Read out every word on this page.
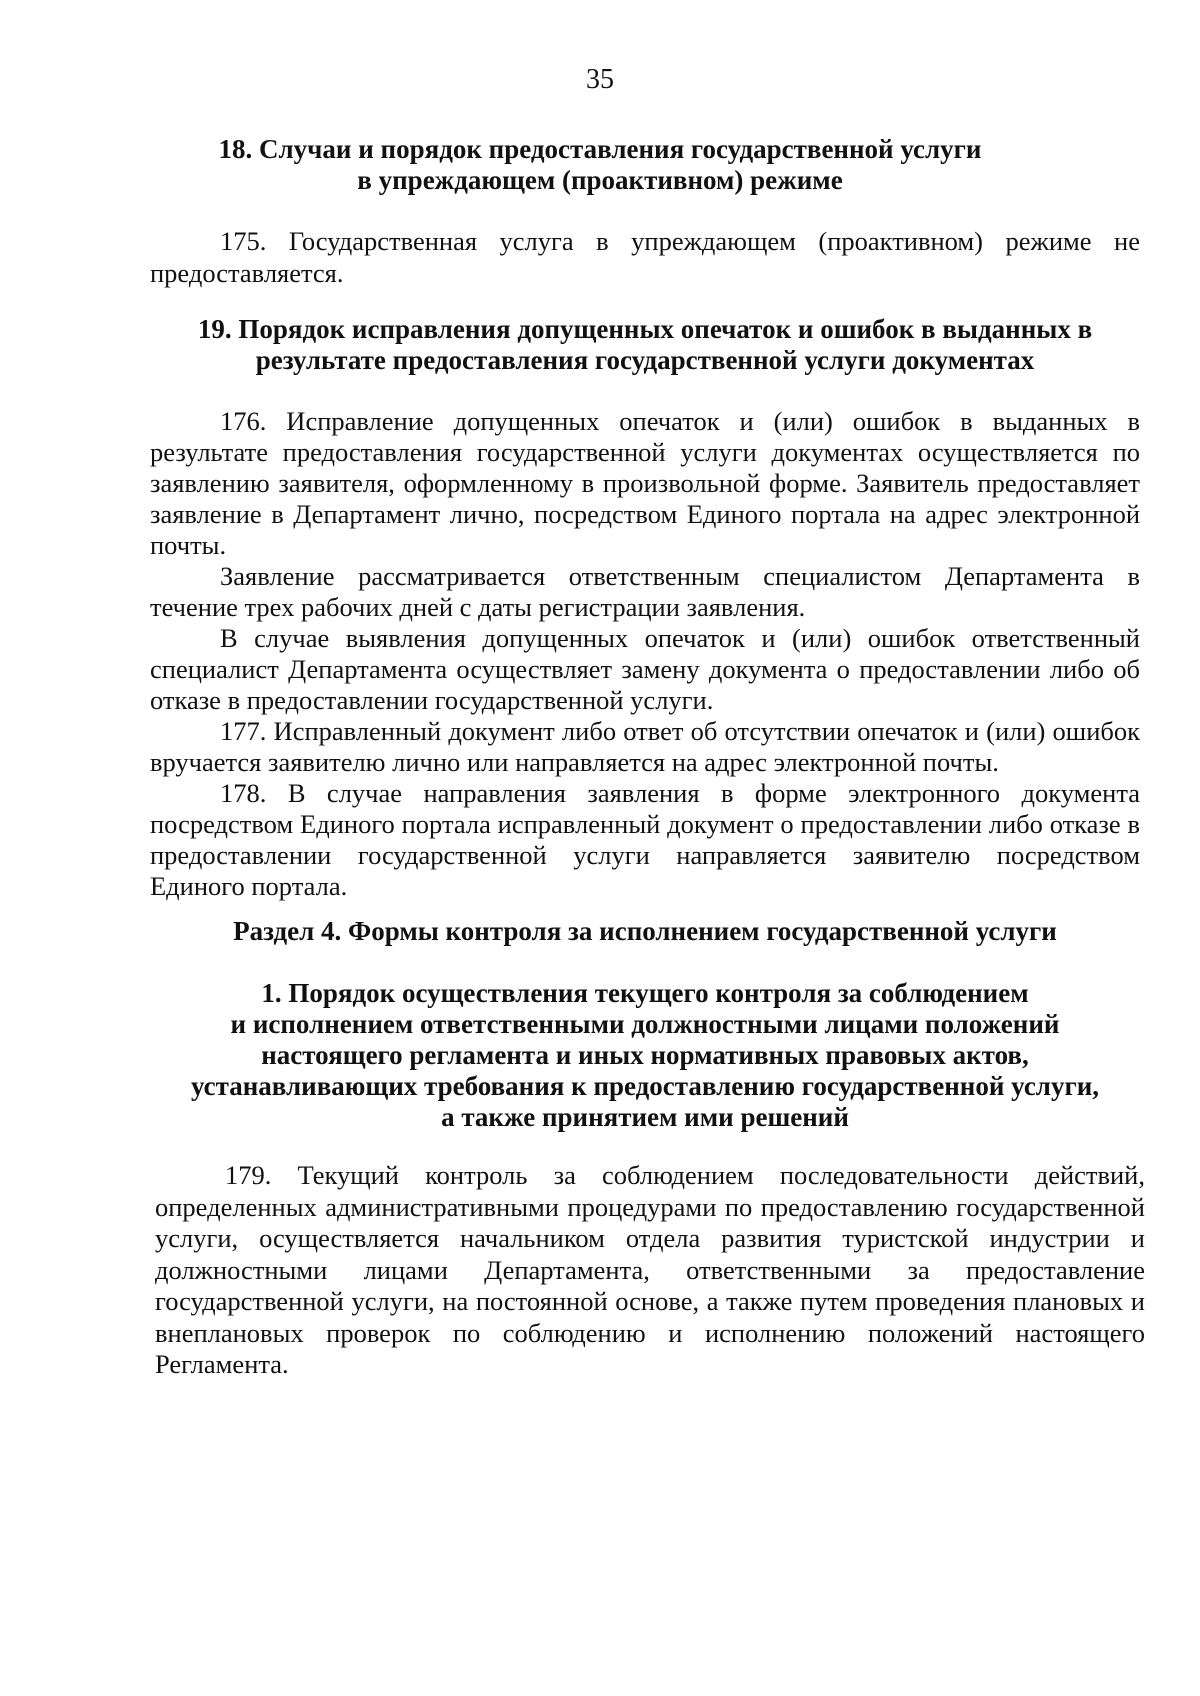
35
18. Случаи и порядок предоставления государственной услуги
в упреждающем (проактивном) режиме

175. Государственная услуга в упреждающем (проактивном) режиме не предоставляется.

19. Порядок исправления допущенных опечаток и ошибок в выданных в
результате предоставления государственной услуги документах

176. Исправление допущенных опечаток и (или) ошибок в выданных в результате предоставления государственной услуги документах осуществляется по заявлению заявителя, оформленному в произвольной форме. Заявитель предоставляет заявление в Департамент лично, посредством Единого портала на адрес электронной почты.

Заявление рассматривается ответственным специалистом Департамента в течение трех рабочих дней с даты регистрации заявления.

В случае выявления допущенных опечаток и (или) ошибок ответственный специалист Департамента осуществляет замену документа о предоставлении либо об отказе в предоставлении государственной услуги.

177. Исправленный документ либо ответ об отсутствии опечаток и (или) ошибок вручается заявителю лично или направляется на адрес электронной почты.

178. В случае направления заявления в форме электронного документа посредством Единого портала исправленный документ о предоставлении либо отказе в предоставлении государственной услуги направляется заявителю посредством Единого портала.

Раздел 4. Формы контроля за исполнением государственной услуги
1. Порядок осуществления текущего контроля за соблюдением
и исполнением ответственными должностными лицами положений
настоящего регламента и иных нормативных правовых актов,
устанавливающих требования к предоставлению государственной услуги,
а также принятием ими решений

179. Текущий контроль за соблюдением последовательности действий, определенных административными процедурами по предоставлению государственной услуги, осуществляется начальником отдела развития туристской индустрии и должностными лицами Департамента, ответственными за предоставление государственной услуги, на постоянной основе, а также путем проведения плановых и внеплановых проверок по соблюдению и исполнению положений настоящего Регламента.
